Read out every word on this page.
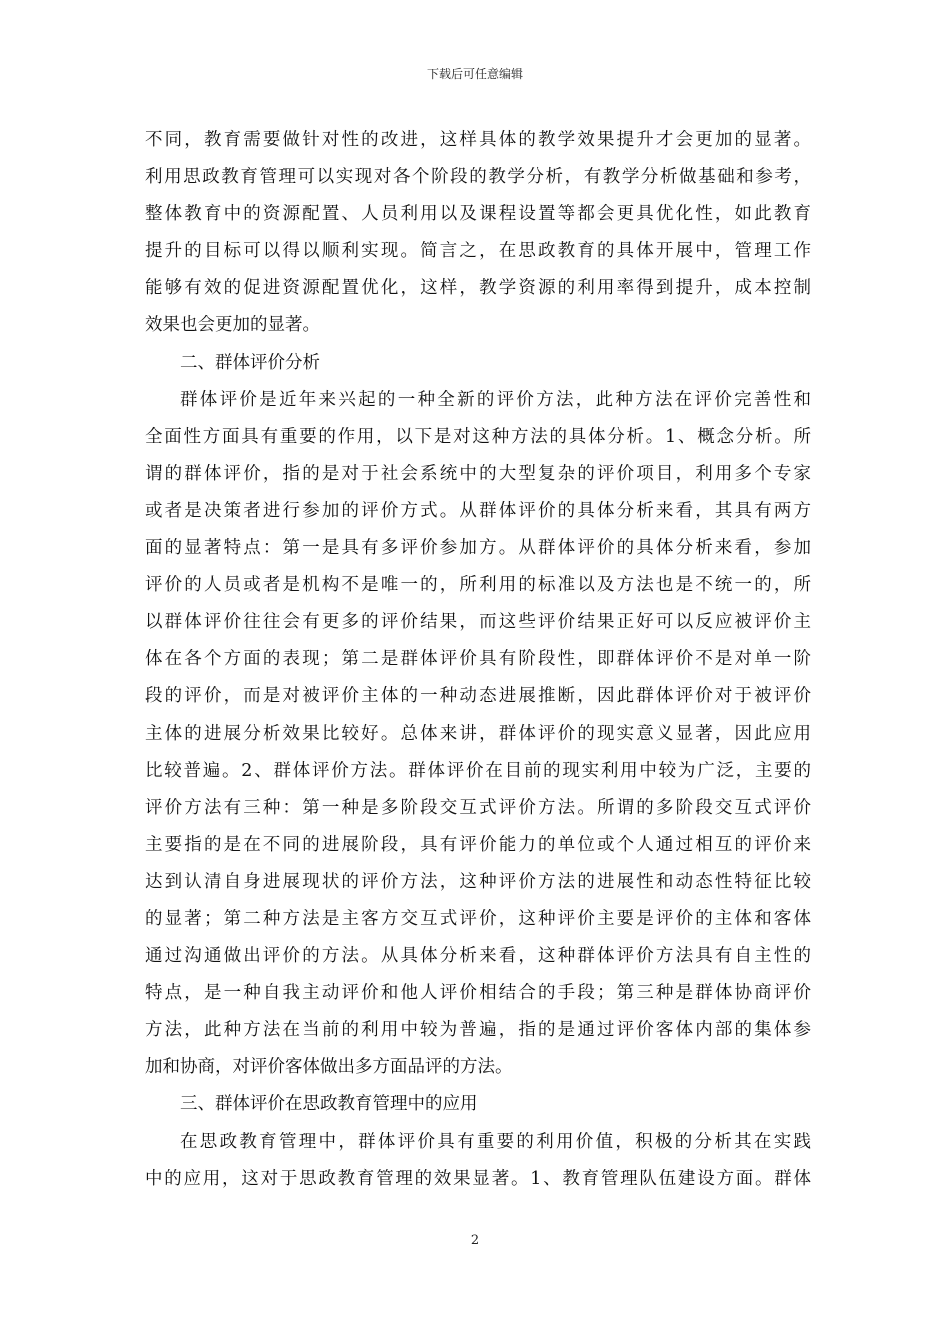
下载后可任意编辑
不同，教育需要做针对性的改进，这样具体的教学效果提升才会更加的显著。
利用思政教育管理可以实现对各个阶段的教学分析，有教学分析做基础和参考，
整体教育中的资源配置、人员利用以及课程设置等都会更具优化性，如此教育
提升的目标可以得以顺利实现。简言之，在思政教育的具体开展中，管理工作
能够有效的促进资源配置优化，这样，教学资源的利用率得到提升，成本控制
效果也会更加的显著。
二、群体评价分析
群体评价是近年来兴起的一种全新的评价方法，此种方法在评价完善性和
全面性方面具有重要的作用，以下是对这种方法的具体分析。1、概念分析。所
谓的群体评价，指的是对于社会系统中的大型复杂的评价项目，利用多个专家
或者是决策者进行参加的评价方式。从群体评价的具体分析来看，其具有两方
面的显著特点：第一是具有多评价参加方。从群体评价的具体分析来看，参加
评价的人员或者是机构不是唯一的，所利用的标准以及方法也是不统一的，所
以群体评价往往会有更多的评价结果，而这些评价结果正好可以反应被评价主
体在各个方面的表现；第二是群体评价具有阶段性，即群体评价不是对单一阶
段的评价，而是对被评价主体的一种动态进展推断，因此群体评价对于被评价
主体的进展分析效果比较好。总体来讲，群体评价的现实意义显著，因此应用
比较普遍。2、群体评价方法。群体评价在目前的现实利用中较为广泛，主要的
评价方法有三种：第一种是多阶段交互式评价方法。所谓的多阶段交互式评价
主要指的是在不同的进展阶段，具有评价能力的单位或个人通过相互的评价来
达到认清自身进展现状的评价方法，这种评价方法的进展性和动态性特征比较
的显著；第二种方法是主客方交互式评价，这种评价主要是评价的主体和客体
通过沟通做出评价的方法。从具体分析来看，这种群体评价方法具有自主性的
特点，是一种自我主动评价和他人评价相结合的手段；第三种是群体协商评价
方法，此种方法在当前的利用中较为普遍，指的是通过评价客体内部的集体参
加和协商，对评价客体做出多方面品评的方法。
三、群体评价在思政教育管理中的应用
在思政教育管理中，群体评价具有重要的利用价值，积极的分析其在实践
中的应用，这对于思政教育管理的效果显著。1、教育管理队伍建设方面。群体
2
